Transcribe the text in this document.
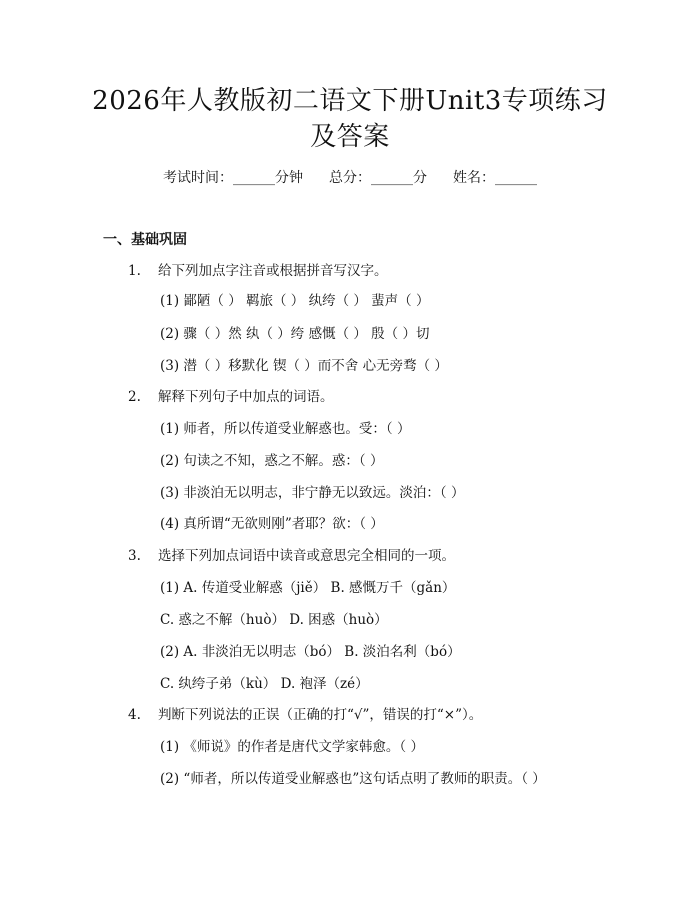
2026年人教版初二语文下册Unit3专项练习
及答案
考试时间：______分钟 总分：______分 姓名：______
一、基础巩固
1. 给下列加点字注音或根据拼音写汉字。
(1) 鄙陋（ ） 羁旅（ ） 纨绔（ ） 蜚声（ ）
(2) 骤（ ）然 纨（ ）绔 感慨（ ） 殷（ ）切
(3) 潜（ ）移默化 锲（ ）而不舍 心无旁骛（ ）
2. 解释下列句子中加点的词语。
(1) 师者，所以传道受业解惑也。受：（ ）
(2) 句读之不知，惑之不解。惑：（ ）
(3) 非淡泊无以明志，非宁静无以致远。淡泊：（ ）
(4) 真所谓“无欲则刚”者耶？欲：（ ）
3. 选择下列加点词语中读音或意思完全相同的一项。
(1) A. 传道受业解惑（jiě） B. 感慨万千（gǎn）
C. 惑之不解（huò） D. 困惑（huò）
(2) A. 非淡泊无以明志（bó） B. 淡泊名利（bó）
C. 纨绔子弟（kù） D. 袍泽（zé）
4. 判断下列说法的正误（正确的打“√”，错误的打“×”）。
(1) 《师说》的作者是唐代文学家韩愈。（ ）
(2) “师者，所以传道受业解惑也”这句话点明了教师的职责。（ ）
